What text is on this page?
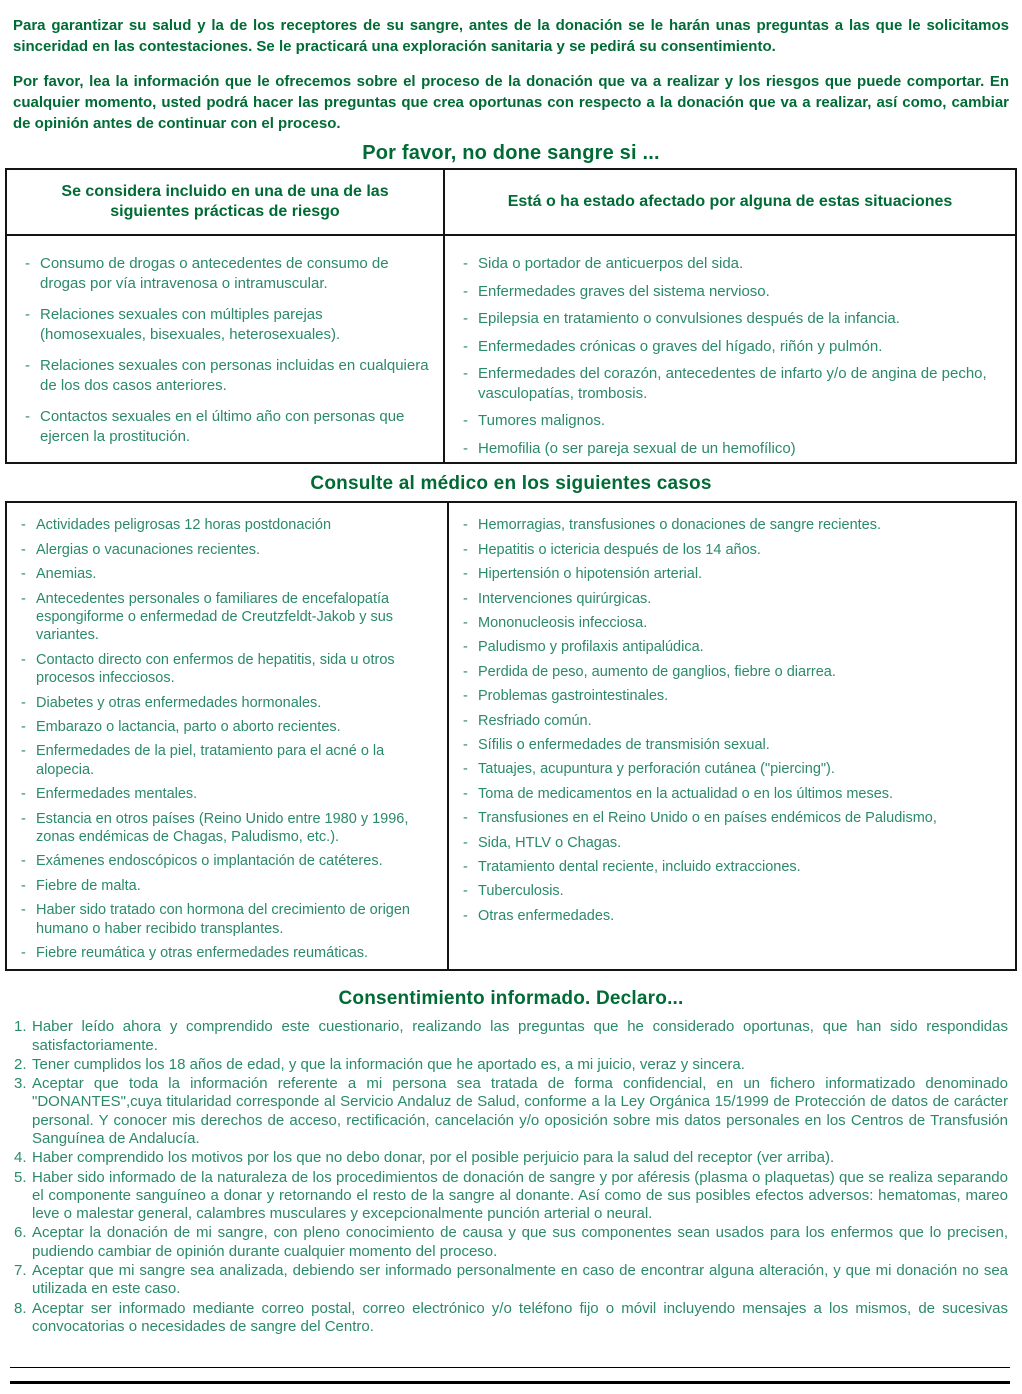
Para garantizar su salud y la de los receptores de su sangre, antes de la donación se le harán unas preguntas a las que le solicitamos sinceridad en las contestaciones. Se le practicará una exploración sanitaria y se pedirá su consentimiento.

Por favor, lea la información que le ofrecemos sobre el proceso de la donación que va a realizar y los riesgos que puede comportar. En cualquier momento, usted podrá hacer las preguntas que crea oportunas con respecto a la donación que va a realizar, así como, cambiar de opinión antes de continuar con el proceso.

Por favor, no done sangre si ...
Se considera incluido en una de una de las siguientes prácticas de riesgo
Está o ha estado afectado por alguna de estas situaciones
- Consumo de drogas o antecedentes de consumo de drogas por vía intravenosa o intramuscular.
- Relaciones sexuales con múltiples parejas (homosexuales, bisexuales, heterosexuales).
- Relaciones sexuales con personas incluidas en cualquiera de los dos casos anteriores.
- Contactos sexuales en el último año con personas que ejercen la prostitución.
- Sida o portador de anticuerpos del sida.
- Enfermedades graves del sistema nervioso.
- Epilepsia en tratamiento o convulsiones después de la infancia.
- Enfermedades crónicas o graves del hígado, riñón y pulmón.
- Enfermedades del corazón, antecedentes de infarto y/o de angina de pecho, vasculopatías, trombosis.
- Tumores malignos.
- Hemofilia (o ser pareja sexual de un hemofílico)
Consulte al médico en los siguientes casos
- Actividades peligrosas 12 horas postdonación
- Alergias o vacunaciones recientes.
- Anemias.
- Antecedentes personales o familiares de encefalopatía espongiforme o enfermedad de Creutzfeldt-Jakob y sus variantes.
- Contacto directo con enfermos de hepatitis, sida u otros procesos infecciosos.
- Diabetes y otras enfermedades hormonales.
- Embarazo o lactancia, parto o aborto recientes.
- Enfermedades de la piel, tratamiento para el acné o la alopecia.
- Enfermedades mentales.
- Estancia en otros países (Reino Unido entre 1980 y 1996, zonas endémicas de Chagas, Paludismo, etc.).
- Exámenes endoscópicos o implantación de catéteres.
- Fiebre de malta.
- Haber sido tratado con hormona del crecimiento de origen humano o haber recibido transplantes.
- Fiebre reumática y otras enfermedades reumáticas.
- Hemorragias, transfusiones o donaciones de sangre recientes.
- Hepatitis o ictericia después de los 14 años.
- Hipertensión o hipotensión arterial.
- Intervenciones quirúrgicas.
- Mononucleosis infecciosa.
- Paludismo y profilaxis antipalúdica.
- Perdida de peso, aumento de ganglios, fiebre o diarrea.
- Problemas gastrointestinales.
- Resfriado común.
- Sífilis o enfermedades de transmisión sexual.
- Tatuajes, acupuntura y perforación cutánea ("piercing").
- Toma de medicamentos en la actualidad o en los últimos meses.
- Transfusiones en el Reino Unido o en países endémicos de Paludismo,
- Sida, HTLV o Chagas.
- Tratamiento dental reciente, incluido extracciones.
- Tuberculosis.
- Otras enfermedades.
Consentimiento informado. Declaro...
1. Haber leído ahora y comprendido este cuestionario, realizando las preguntas que he considerado oportunas, que han sido respondidas satisfactoriamente.
2. Tener cumplidos los 18 años de edad, y que la información que he aportado es, a mi juicio, veraz y sincera.
3. Aceptar que toda la información referente a mi persona sea tratada de forma confidencial, en un fichero informatizado denominado "DONANTES",cuya titularidad corresponde al Servicio Andaluz de Salud, conforme a la Ley Orgánica 15/1999 de Protección de datos de carácter personal. Y conocer mis derechos de acceso, rectificación, cancelación y/o oposición sobre mis datos personales en los Centros de Transfusión Sanguínea de Andalucía.
4. Haber comprendido los motivos por los que no debo donar, por el posible perjuicio para la salud del receptor (ver arriba).
5. Haber sido informado de la naturaleza de los procedimientos de donación de sangre y por aféresis (plasma o plaquetas) que se realiza separando el componente sanguíneo a donar y retornando el resto de la sangre al donante. Así como de sus posibles efectos adversos: hematomas, mareo leve o malestar general, calambres musculares y excepcionalmente punción arterial o neural.
6. Aceptar la donación de mi sangre, con pleno conocimiento de causa y que sus componentes sean usados para los enfermos que lo precisen, pudiendo cambiar de opinión durante cualquier momento del proceso.
7. Aceptar que mi sangre sea analizada, debiendo ser informado personalmente en caso de encontrar alguna alteración, y que mi donación no sea utilizada en este caso.
8. Aceptar ser informado mediante correo postal, correo electrónico y/o teléfono fijo o móvil incluyendo mensajes a los mismos, de sucesivas convocatorias o necesidades de sangre del Centro.
